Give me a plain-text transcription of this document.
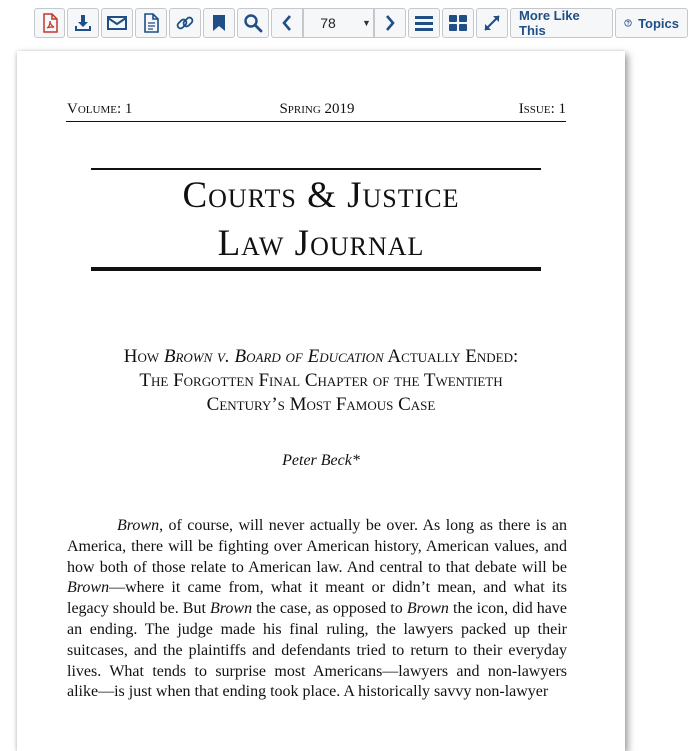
78	▼	More Like This	Topics
Volume: 1	Spring 2019	Issue: 1
Courts & Justice
Law Journal
How Brown v. Board of Education Actually Ended:
The Forgotten Final Chapter of the Twentieth
Century’s Most Famous Case
Peter Beck*
Brown, of course, will never actually be over. As long as there is an America, there will be fighting over American history, American values, and how both of those relate to American law. And central to that debate will be Brown—where it came from, what it meant or didn’t mean, and what its legacy should be. But Brown the case, as opposed to Brown the icon, did have an ending. The judge made his final ruling, the lawyers packed up their suitcases, and the plaintiffs and defendants tried to return to their everyday lives. What tends to surprise most Americans—lawyers and non-lawyers alike—is just when that ending took place. A historically savvy non-lawyer
